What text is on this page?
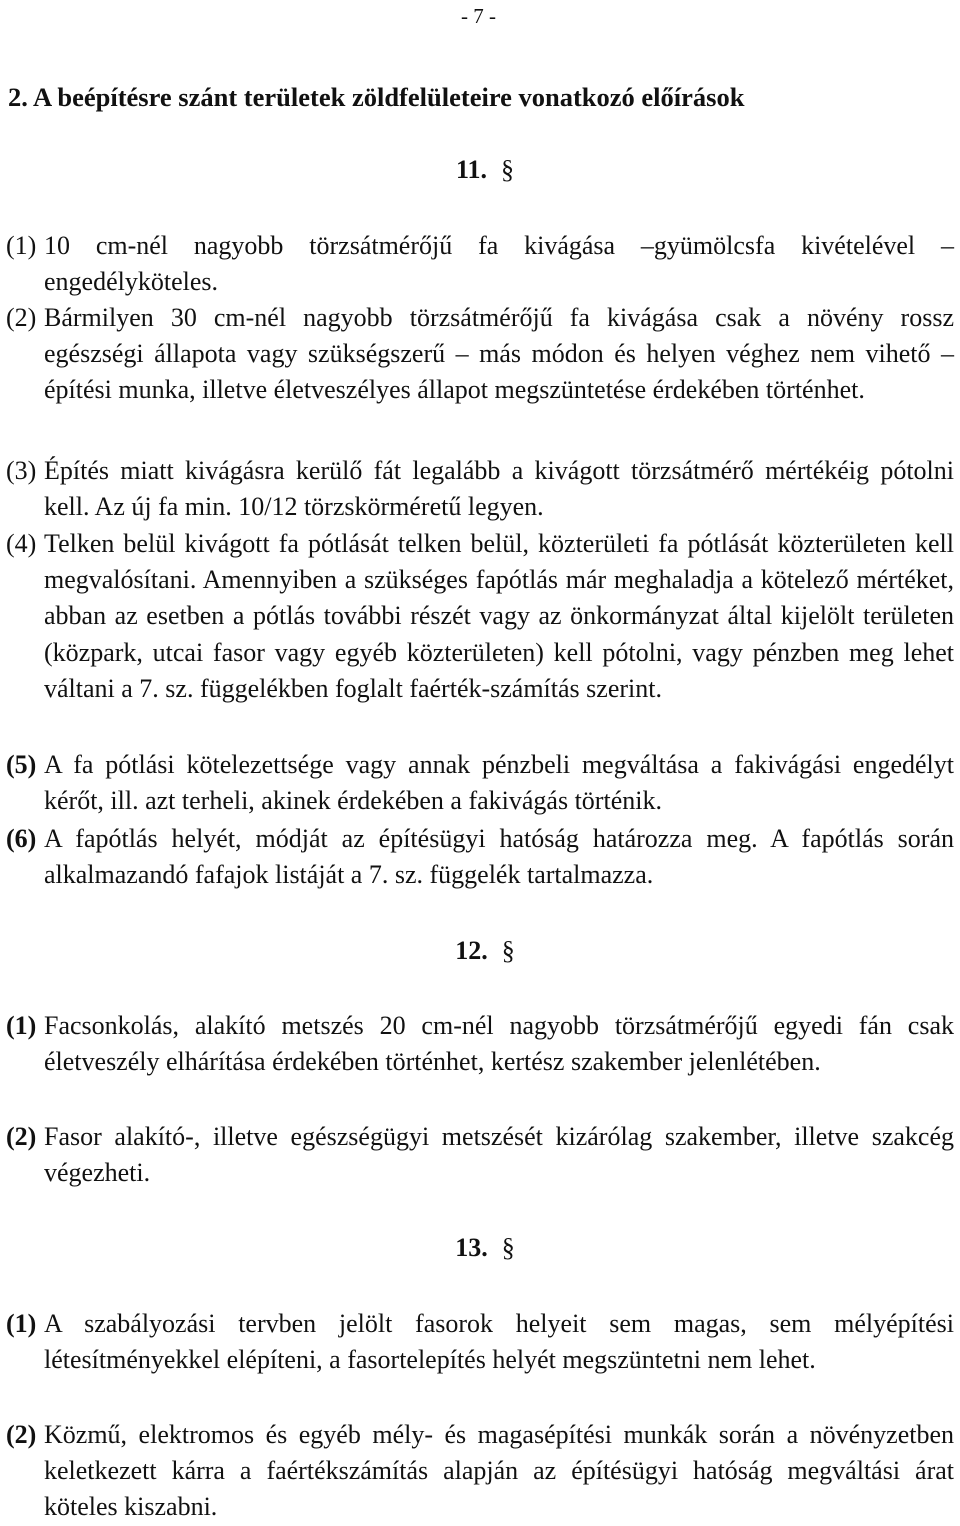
- 7 -
2. A beépítésre szánt területek zöldfelületeire vonatkozó előírások
11. §
(1) 10 cm-nél nagyobb törzsátmérőjű fa kivágása –gyümölcsfa kivételével – engedélyköteles.
(2) Bármilyen 30 cm-nél nagyobb törzsátmérőjű fa kivágása csak a növény rossz egészségi állapota vagy szükségszerű – más módon és helyen véghez nem vihető – építési munka, illetve életveszélyes állapot megszüntetése érdekében történhet.
(3) Építés miatt kivágásra kerülő fát legalább a kivágott törzsátmérő mértékéig pótolni kell. Az új fa min. 10/12 törzskörméretű legyen.
(4) Telken belül kivágott fa pótlását telken belül, közterületi fa pótlását közterületen kell megvalósítani. Amennyiben a szükséges fapótlás már meghaladja a kötelező mértéket, abban az esetben a pótlás további részét vagy az önkormányzat által kijelölt területen (közpark, utcai fasor vagy egyéb közterületen) kell pótolni, vagy pénzben meg lehet váltani a 7. sz. függelékben foglalt faérték-számítás szerint.
(5) A fa pótlási kötelezettsége vagy annak pénzbeli megváltása a fakivágási engedélyt kérőt, ill. azt terheli, akinek érdekében a fakivágás történik.
(6) A fapótlás helyét, módját az építésügyi hatóság határozza meg. A fapótlás során alkalmazandó fafajok listáját a 7. sz. függelék tartalmazza.
12. §
(1) Facsonkolás, alakító metszés 20 cm-nél nagyobb törzsátmérőjű egyedi fán csak életveszély elhárítása érdekében történhet, kertész szakember jelenlétében.
(2) Fasor alakító-, illetve egészségügyi metszését kizárólag szakember, illetve szakcég végezheti.
13. §
(1) A szabályozási tervben jelölt fasorok helyeit sem magas, sem mélyépítési létesítményekkel elépíteni, a fasortelepítés helyét megszüntetni nem lehet.
(2) Közmű, elektromos és egyéb mély- és magasépítési munkák során a növényzetben keletkezett kárra a faértékszámítás alapján az építésügyi hatóság megváltási árat köteles kiszabni.
